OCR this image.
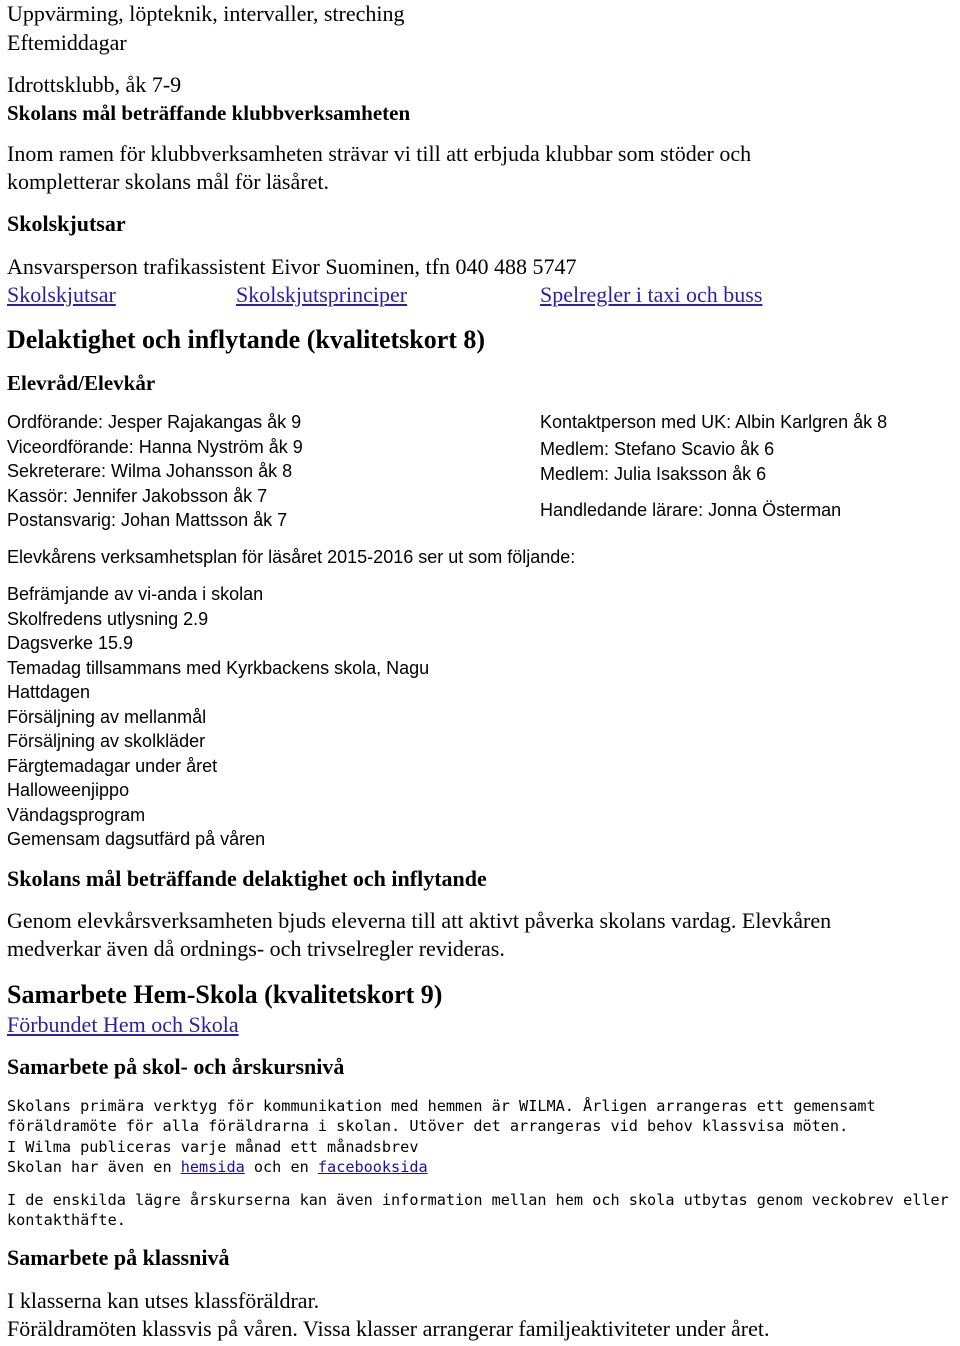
Uppvärming, löpteknik, intervaller, streching
Eftemiddagar
Idrottsklubb, åk 7-9
Skolans mål beträffande klubbverksamheten
Inom ramen för klubbverksamheten strävar vi till att erbjuda klubbar som stöder och
kompletterar skolans mål för läsåret.
Skolskjutsar
Ansvarsperson trafikassistent Eivor Suominen, tfn 040 488 5747
Skolskjutsar	Skolskjutsprinciper	Spelregler i taxi och buss
Delaktighet och inflytande (kvalitetskort 8)
Elevråd/Elevkår
Ordförande: Jesper Rajakangas åk 9
Viceordförande: Hanna Nyström åk 9
Sekreterare: Wilma Johansson åk 8
Kassör: Jennifer Jakobsson åk 7
Postansvarig: Johan Mattsson åk 7
Kontaktperson med UK: Albin Karlgren åk 8
Medlem: Stefano Scavio åk 6
Medlem: Julia Isaksson åk 6
Handledande lärare: Jonna Österman
Elevkårens verksamhetsplan för läsåret 2015-2016 ser ut som följande:
Befrämjande av vi-anda i skolan
Skolfredens utlysning 2.9
Dagsverke 15.9
Temadag tillsammans med Kyrkbackens skola, Nagu
Hattdagen
Försäljning av mellanmål
Försäljning av skolkläder
Färgtemadagar under året
Halloweenjippo
Vändagsprogram
Gemensam dagsutfärd på våren
Skolans mål beträffande delaktighet och inflytande
Genom elevkårsverksamheten bjuds eleverna till att aktivt påverka skolans vardag. Elevkåren
medverkar även då ordnings- och trivselregler revideras.
Samarbete Hem-Skola (kvalitetskort 9)
Förbundet Hem och Skola
Samarbete på skol- och årskursnivå
Skolans primära verktyg för kommunikation med hemmen är WILMA. Årligen arrangeras ett gemensamt
föräldramöte för alla föräldrarna i skolan. Utöver det arrangeras vid behov klassvisa möten.
I Wilma publiceras varje månad ett månadsbrev
Skolan har även en hemsida och en facebooksida
I de enskilda lägre årskurserna kan även information mellan hem och skola utbytas genom veckobrev eller
kontakthäfte.
Samarbete på klassnivå
I klasserna kan utses klassföräldrar.
Föräldramöten klassvis på våren. Vissa klasser arrangerar familjeaktiviteter under året.
